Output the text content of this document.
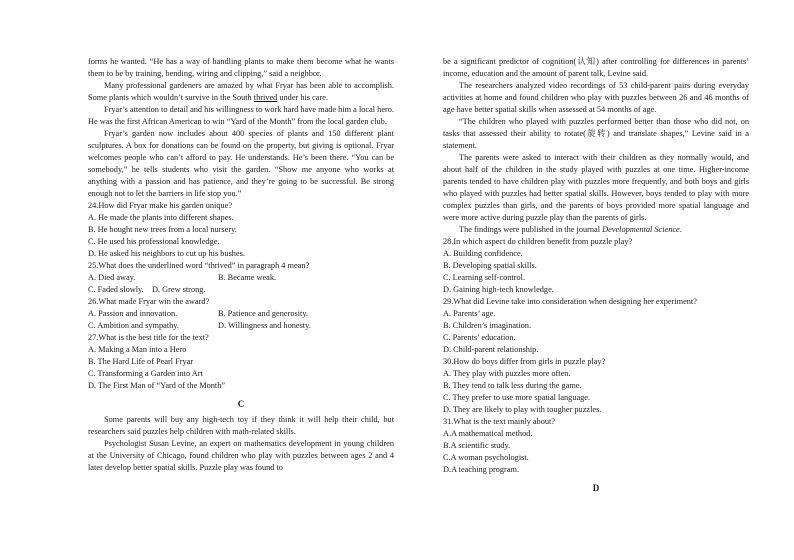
forms he wanted. “He has a way of handling plants to make them become what he wants them to be by training, bending, wiring and clipping,” said a neighbor.

Many professional gardeners are amazed by what Fryar has been able to accomplish. Some plants which wouldn’t survive in the South thrived under his care.

Fryar’s attention to detail and his willingness to work hard have made him a local hero. He was the first African American to win “Yard of the Month” from the local garden club.

Fryar’s garden now includes about 400 species of plants and 150 different plant sculptures. A box for donations can be found on the property, but giving is optional. Fryar welcomes people who can’t afford to pay. He understands. He’s been there. “You can be somebody,” he tells students who visit the garden. “Show me anyone who works at anything with a passion and has patience, and they’re going to be successful. Be strong enough not to let the barriers in life stop you.”

24.How did Fryar make his garden unique?
A. He made the plants into different shapes.
B. He bought new trees from a local nursery.
C. He used his professional knowledge.
D. He asked his neighbors to cut up his bushes.
25.What does the underlined word “thrived” in paragraph 4 mean?
A. Died away.	B. Became weak.
C. Faded slowly. D. Grew strong.
26.What made Fryar win the award?
A. Passion and innovation.	B. Patience and generosity.
C. Ambition and sympathy.	D. Willingness and honesty.
27.What is the best title for the text?
A. Making a Man into a Hero
B. The Hard Life of Pearl Fryar
C. Transforming a Garden into Art
D. The First Man of “Yard of the Month”
C

Some parents will buy any high-tech toy if they think it will help their child, but researchers said puzzles help children with math-related skills.

Psychologist Susan Levine, an expert on mathematics development in young children at the University of Chicago, found children who play with puzzles between ages 2 and 4 later develop better spatial skills. Puzzle play was found to

be a significant predictor of cognition(认知) after controlling for differences in parents’ income, education and the amount of parent talk, Levine said.

The researchers analyzed video recordings of 53 child-parent pairs during everyday activities at home and found children who play with puzzles between 26 and 46 months of age have better spatial skills when assessed at 54 months of age.

“The children who played with puzzles performed better than those who did not, on tasks that assessed their ability to rotate(旋转) and translate shapes,” Levine said in a statement.

The parents were asked to interact with their children as they normally would, and about half of the children in the study played with puzzles at one time. Higher-income parents tended to have children play with puzzles more frequently, and both boys and girls who played with puzzles had better spatial skills. However, boys tended to play with more complex puzzles than girls, and the parents of boys provided more spatial language and were more active during puzzle play than the parents of girls.

The findings were published in the journal Developmental Science.

28.In which aspect do children benefit from puzzle play?
A. Building confidence.
B. Developing spatial skills.
C. Learning self-control.
D. Gaining high-tech knowledge.
29.What did Levine take into consideration when designing her experiment?
A. Parents’ age.
B. Children’s imagination.
C. Parents’ education.
D. Child-parent relationship.
30.How do boys differ from girls in puzzle play?
A. They play with puzzles more often.
B. They tend to talk less during the game.
C. They prefer to use more spatial language.
D. They are likely to play with tougher puzzles.
31.What is the text mainly about?
A.A mathematical method.
B.A scientific study.
C.A woman psychologist.
D.A teaching program.
D
